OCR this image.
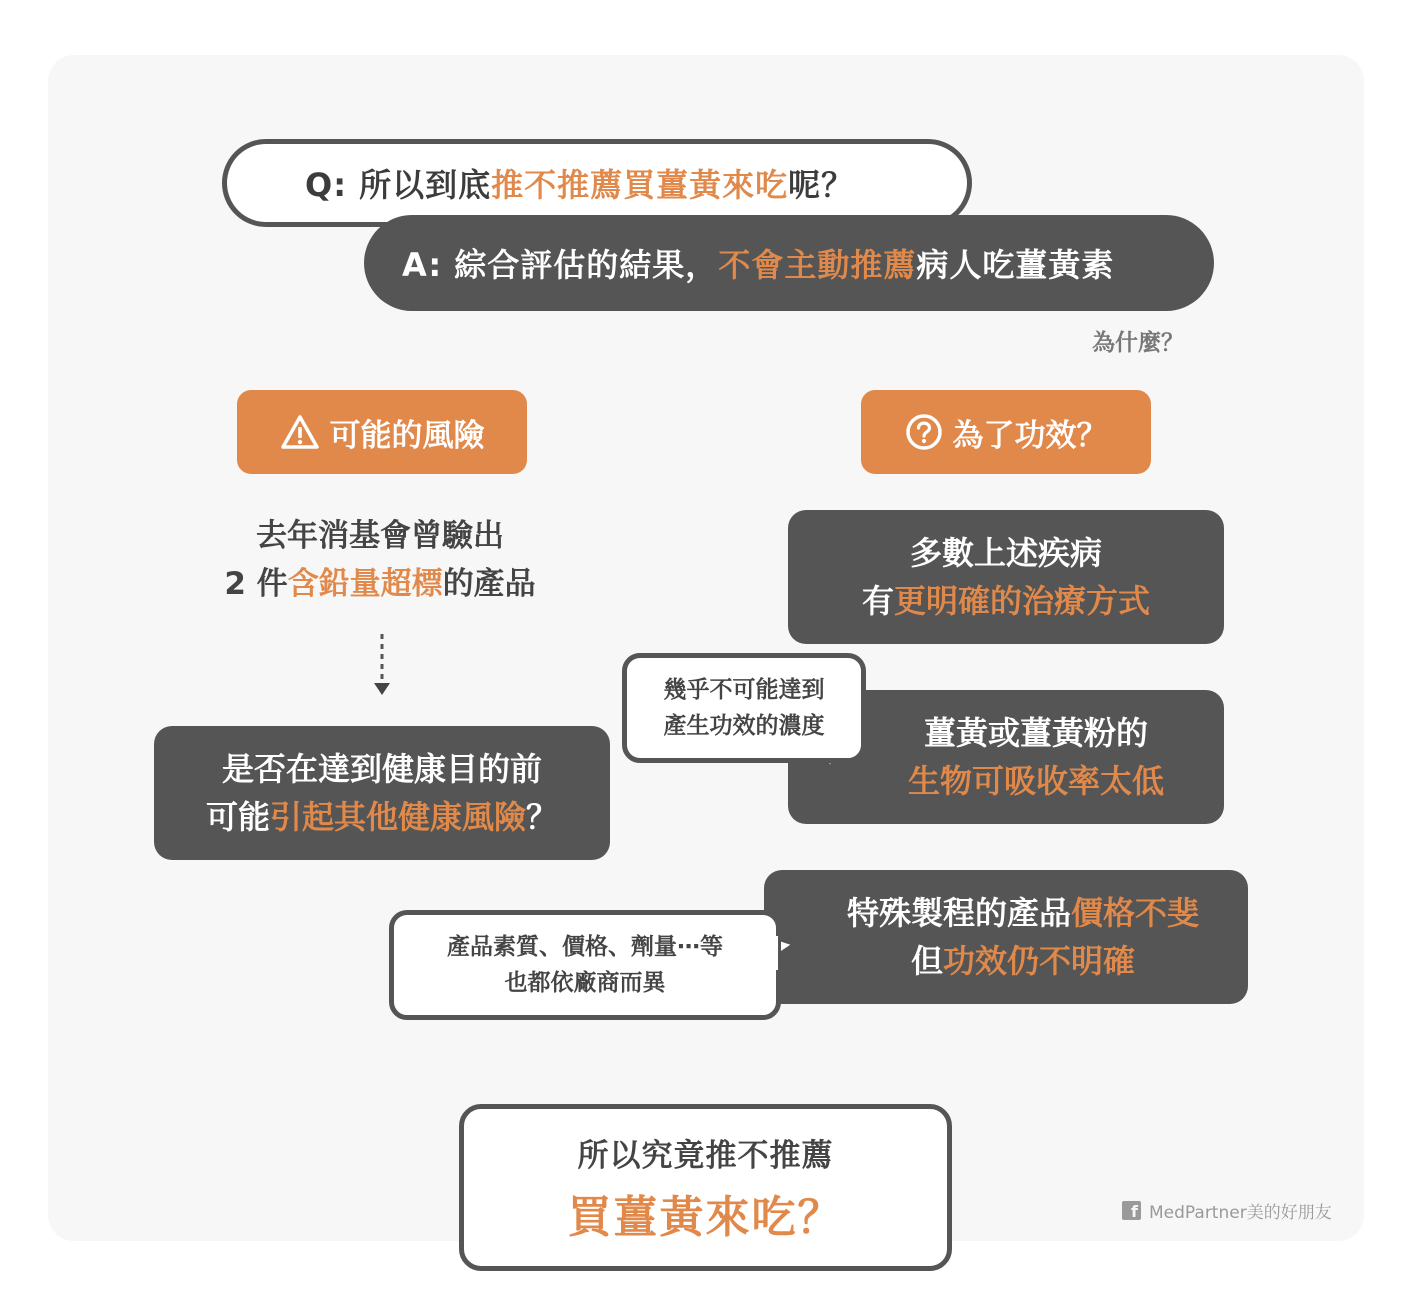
Q: 所以到底 推不推薦買薑黃來吃 呢？
A: 綜合評估的結果， 不會主動推薦 病人吃薑黃素
為什麼？
可能的風險	為了功效？
去年消基會曾驗出
2 件含鉛量超標的產品
是否在達到健康目的前
可能引起其他健康風險？
多數上述疾病
有更明確的治療方式
薑黃或薑黃粉的
生物可吸收率太低
幾乎不可能達到
產生功效的濃度
特殊製程的產品價格不斐
但功效仍不明確
產品素質、價格、劑量⋯等
也都依廠商而異
所以究竟推不推薦
買薑黃來吃？	f MedPartner美的好朋友
